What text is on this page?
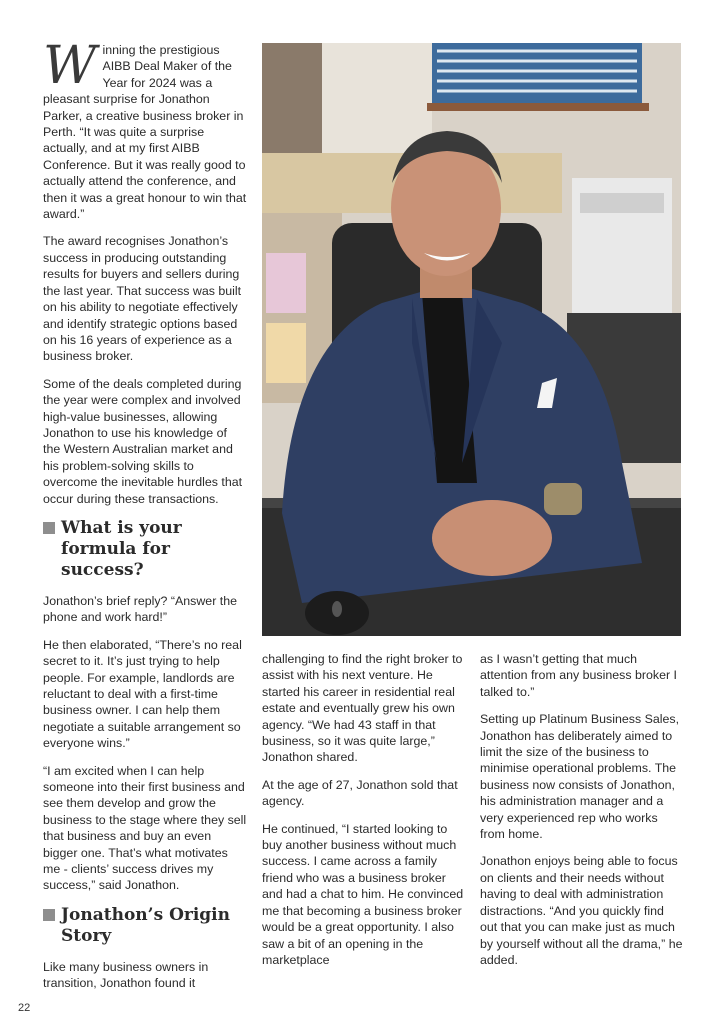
Winning the prestigious AIBB Deal Maker of the Year for 2024 was a pleasant surprise for Jonathon Parker, a creative business broker in Perth. “It was quite a surprise actually, and at my first AIBB Conference. But it was really good to actually attend the conference, and then it was a great honour to win that award.”

The award recognises Jonathon’s success in producing outstanding results for buyers and sellers during the last year. That success was built on his ability to negotiate effectively and identify strategic options based on his 16 years of experience as a business broker.

Some of the deals completed during the year were complex and involved high-value businesses, allowing Jonathon to use his knowledge of the Western Australian market and his problem-solving skills to overcome the inevitable hurdles that occur during these transactions.

What is your formula for success?

Jonathon’s brief reply? “Answer the phone and work hard!”

He then elaborated, “There’s no real secret to it. It’s just trying to help people. For example, landlords are reluctant to deal with a first-time business owner. I can help them negotiate a suitable arrangement so everyone wins.”

“I am excited when I can help someone into their first business and see them develop and grow the business to the stage where they sell that business and buy an even bigger one. That’s what motivates me - clients’ success drives my success,” said Jonathon.

Jonathon’s Origin Story

Like many business owners in transition, Jonathon found it

challenging to find the right broker to assist with his next venture. He started his career in residential real estate and eventually grew his own agency. “We had 43 staff in that business, so it was quite large,” Jonathon shared.

At the age of 27, Jonathon sold that agency.

He continued, “I started looking to buy another business without much success. I came across a family friend who was a business broker and had a chat to him. He convinced me that becoming a business broker would be a great opportunity. I also saw a bit of an opening in the marketplace

as I wasn’t getting that much attention from any business broker I talked to.”

Setting up Platinum Business Sales, Jonathon has deliberately aimed to limit the size of the business to minimise operational problems. The business now consists of Jonathon, his administration manager and a very experienced rep who works from home.

Jonathon enjoys being able to focus on clients and their needs without having to deal with administration distractions. “And you quickly find out that you can make just as much by yourself without all the drama,” he added.

22
